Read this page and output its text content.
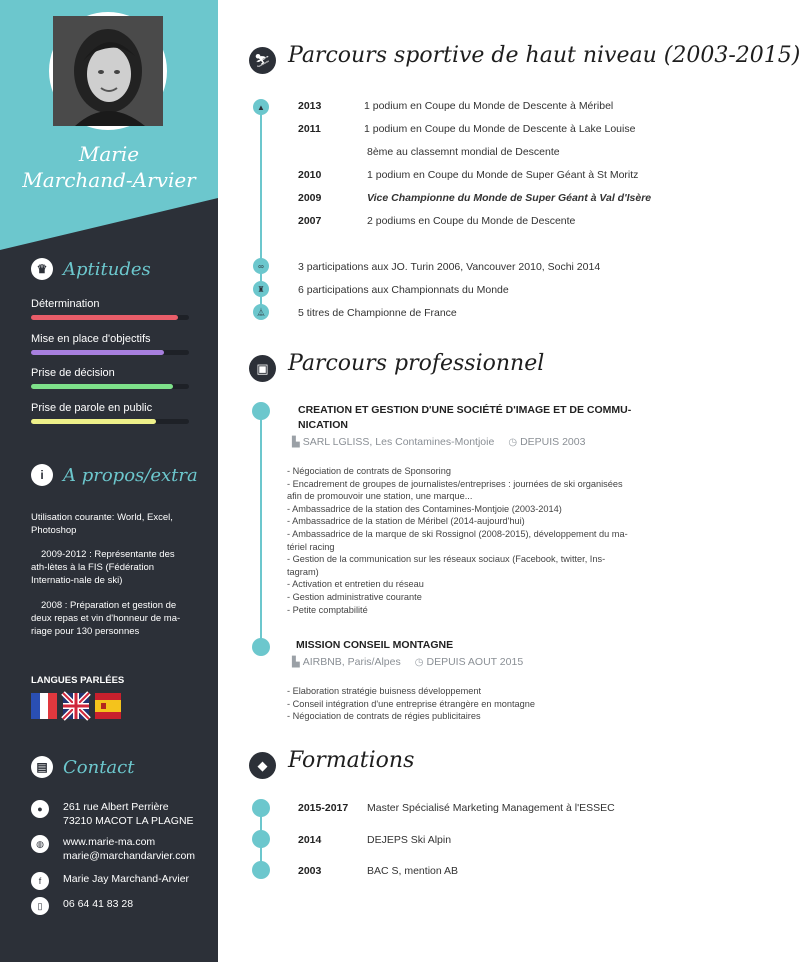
Marie
Marchand-Arvier
♛ Aptitudes
Détermination
Mise en place d'objectifs
Prise de décision
Prise de parole en public
i	A propos/extra
Utilisation courante: World, Excel, Photoshop
2009-2012 : Représentante des ath-lètes à la FIS (Fédération Internatio-nale de ski)
2008 : Préparation et gestion de deux repas et vin d'honneur de ma-riage pour 130 personnes
LANGUES PARLÉES
▤ Contact
●	261 rue Albert Perrière
73210 MACOT LA PLAGNE
◍	www.marie-ma.com
marie@marchandarvier.com
f	Marie Jay Marchand-Arvier
▯	06 64 41 83 28
⛷ Parcours sportive de haut niveau (2003-2015)
▲
∞
♜
⏅
2013	1 podium en Coupe du Monde de Descente à Méribel
2011	1 podium en Coupe du Monde de Descente à Lake Louise
8ème au classemnt mondial de Descente
2010	1 podium en Coupe du Monde de Super Géant à St Moritz
2009	Vice Championne du Monde de Super Géant à Val d'Isère
2007	2 podiums en Coupe du Monde de Descente
3 participations aux JO. Turin 2006, Vancouver 2010, Sochi 2014
6 participations aux Championnats du Monde
5 titres de Championne de France
▣ Parcours professionnel
CREATION ET GESTION D'UNE SOCIÉTÉ D'IMAGE ET DE COMMU-NICATION
▙ SARL LGLISS, Les Contamines-Montjoie ◷ DEPUIS 2003
- Négociation de contrats de Sponsoring
- Encadrement de groupes de journalistes/entreprises : journées de ski organisées afin de promouvoir une station, une marque...
- Ambassadrice de la station des Contamines-Montjoie (2003-2014)
- Ambassadrice de la station de Méribel (2014-aujourd'hui)
- Ambassadrice de la marque de ski Rossignol (2008-2015), développement du ma-tériel racing
- Gestion de la communication sur les réseaux sociaux (Facebook, twitter, Ins-tagram)
- Activation et entretien du réseau
- Gestion administrative courante
- Petite comptabilité
MISSION CONSEIL MONTAGNE
▙ AIRBNB, Paris/Alpes ◷ DEPUIS AOUT 2015
- Elaboration stratégie buisness développement
- Conseil intégration d'une entreprise étrangère en montagne
- Négociation de contrats de régies publicitaires
◆ Formations
2015-2017 Master Spécialisé Marketing Management à l'ESSEC
2014	DEJEPS Ski Alpin
2003	BAC S, mention AB
